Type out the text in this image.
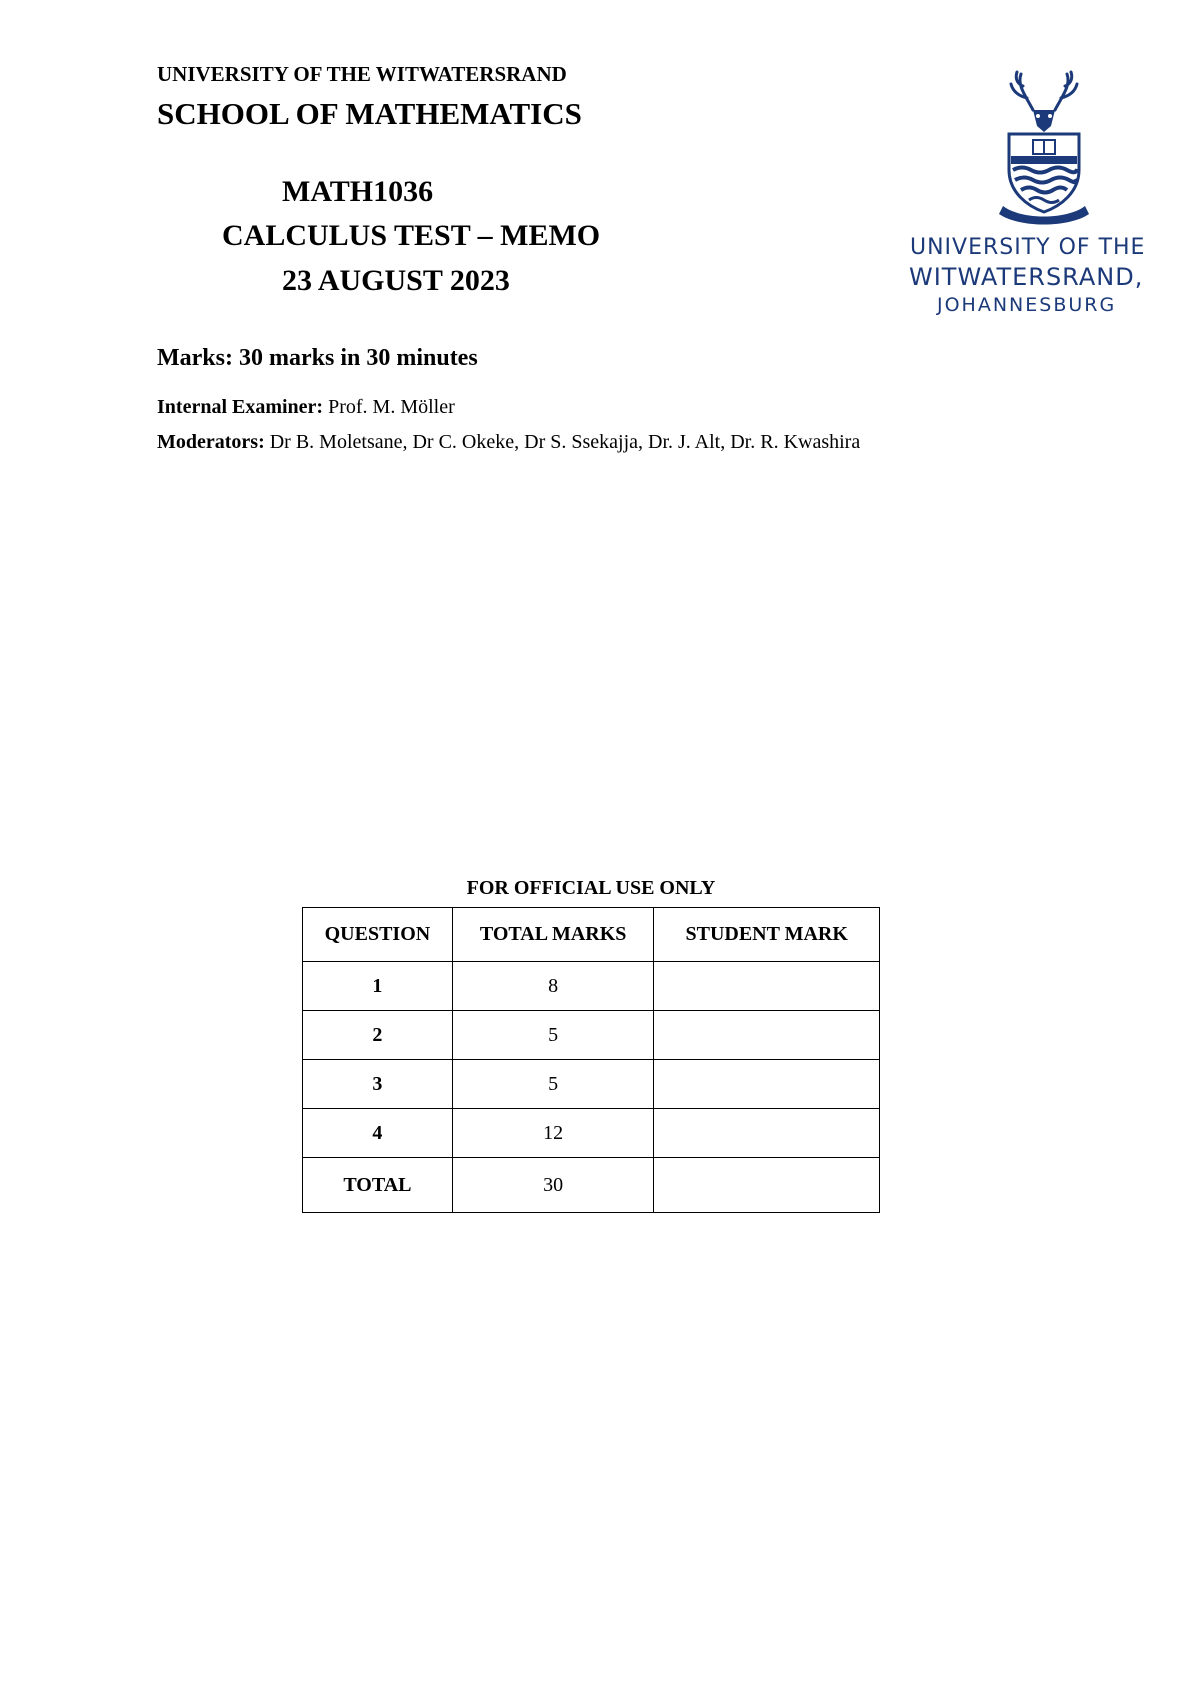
UNIVERSITY OF THE WITWATERSRAND
SCHOOL OF MATHEMATICS
MATH1036
CALCULUS TEST – MEMO
23 AUGUST 2023
UNIVERSITY OF THE
WITWATERSRAND,
JOHANNESBURG
Marks: 30 marks in 30 minutes
Internal Examiner: Prof. M. Möller
Moderators: Dr B. Moletsane, Dr C. Okeke, Dr S. Ssekajja, Dr. J. Alt, Dr. R. Kwashira
FOR OFFICIAL USE ONLY
QUESTION	TOTAL MARKS	STUDENT MARK
1	8	
2	5	
3	5	
4	12	
TOTAL	30	
